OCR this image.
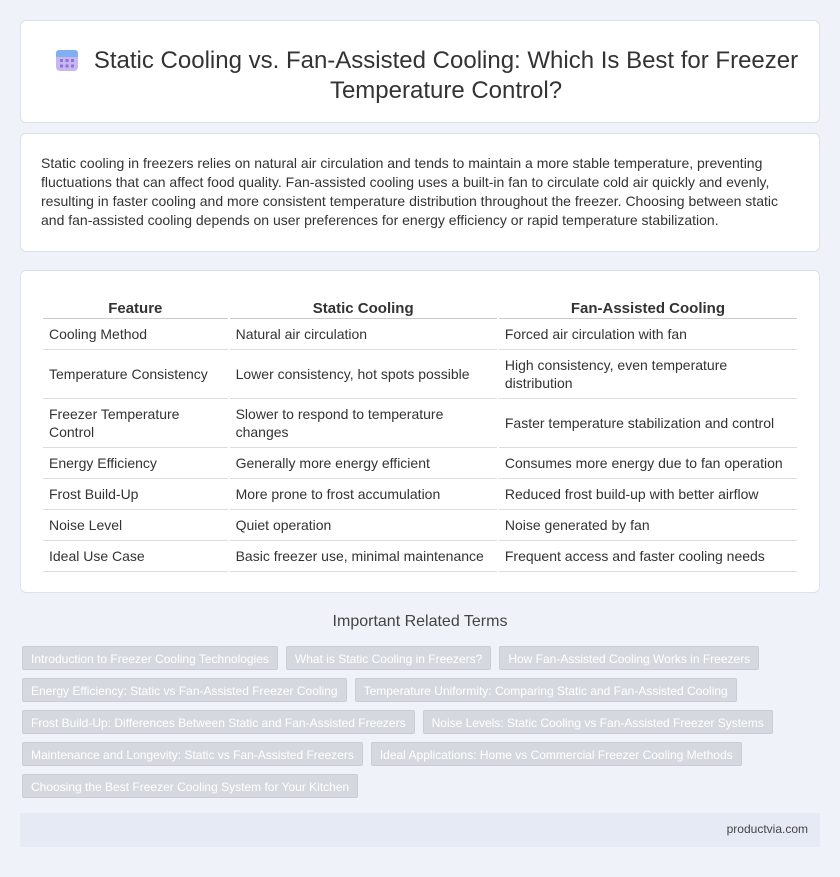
Static Cooling vs. Fan-Assisted Cooling: Which Is Best for Freezer Temperature Control?

Static cooling in freezers relies on natural air circulation and tends to maintain a more stable temperature, preventing fluctuations that can affect food quality. Fan-assisted cooling uses a built-in fan to circulate cold air quickly and evenly, resulting in faster cooling and more consistent temperature distribution throughout the freezer. Choosing between static and fan-assisted cooling depends on user preferences for energy efficiency or rapid temperature stabilization.

Feature	Static Cooling	Fan-Assisted Cooling
Cooling Method	Natural air circulation	Forced air circulation with fan
Temperature Consistency	Lower consistency, hot spots possible	High consistency, even temperature distribution
Freezer Temperature Control	Slower to respond to temperature changes	Faster temperature stabilization and control
Energy Efficiency	Generally more energy efficient	Consumes more energy due to fan operation
Frost Build-Up	More prone to frost accumulation	Reduced frost build-up with better airflow
Noise Level	Quiet operation	Noise generated by fan
Ideal Use Case	Basic freezer use, minimal maintenance	Frequent access and faster cooling needs
Important Related Terms
Introduction to Freezer Cooling Technologies	What is Static Cooling in Freezers?	How Fan-Assisted Cooling Works in Freezers
Energy Efficiency: Static vs Fan-Assisted Freezer Cooling	Temperature Uniformity: Comparing Static and Fan-Assisted Cooling
Frost Build-Up: Differences Between Static and Fan-Assisted Freezers	Noise Levels: Static Cooling vs Fan-Assisted Freezer Systems
Maintenance and Longevity: Static vs Fan-Assisted Freezers	Ideal Applications: Home vs Commercial Freezer Cooling Methods
Choosing the Best Freezer Cooling System for Your Kitchen
productvia.com
